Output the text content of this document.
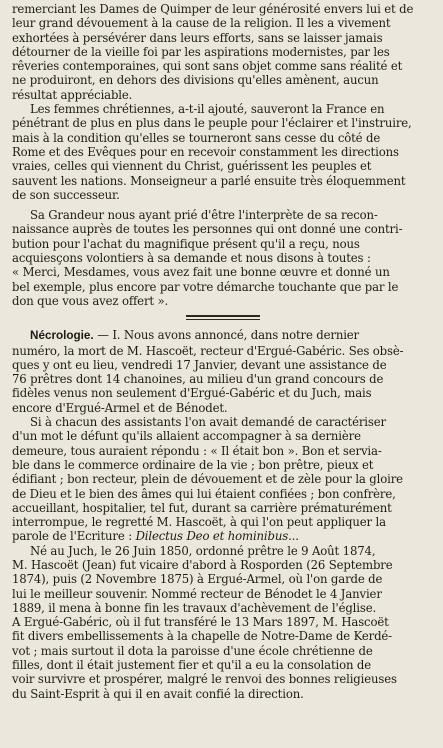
remerciant les Dames de Quimper de leur générosité envers lui et de
leur grand dévouement à la cause de la religion. Il les a vivement
exhortées à persévérer dans leurs efforts, sans se laisser jamais
détourner de la vieille foi par les aspirations modernistes, par les
rêveries contemporaines, qui sont sans objet comme sans réalité et
ne produiront, en dehors des divisions qu'elles amènent, aucun
résultat appréciable.

Les femmes chrétiennes, a-t-il ajouté, sauveront la France en
pénétrant de plus en plus dans le peuple pour l'éclairer et l'instruire,
mais à la condition qu'elles se tourneront sans cesse du côté de
Rome et des Evêques pour en recevoir constamment les directions
vraies, celles qui viennent du Christ, guérissent les peuples et
sauvent les nations. Monseigneur a parlé ensuite très éloquemment
de son successeur.

Sa Grandeur nous ayant prié d'être l'interprète de sa recon-
naissance auprès de toutes les personnes qui ont donné une contri-
bution pour l'achat du magnifique présent qu'il a reçu, nous
acquiesçons volontiers à sa demande et nous disons à toutes :
« Merci, Mesdames, vous avez fait une bonne œuvre et donné un
bel exemple, plus encore par votre démarche touchante que par le
don que vous avez offert ».

Nécrologie. — I. Nous avons annoncé, dans notre dernier
numéro, la mort de M. Hascoët, recteur d'Ergué-Gabéric. Ses obsè-
ques y ont eu lieu, vendredi 17 Janvier, devant une assistance de
76 prêtres dont 14 chanoines, au milieu d'un grand concours de
fidèles venus non seulement d'Ergué-Gabéric et du Juch, mais
encore d'Ergué-Armel et de Bénodet.

Si à chacun des assistants l'on avait demandé de caractériser
d'un mot le défunt qu'ils allaient accompagner à sa dernière
demeure, tous auraient répondu : « Il était bon ». Bon et servia-
ble dans le commerce ordinaire de la vie ; bon prêtre, pieux et
édifiant ; bon recteur, plein de dévouement et de zèle pour la gloire
de Dieu et le bien des âmes qui lui étaient confiées ; bon confrère,
accueillant, hospitalier, tel fut, durant sa carrière prématurément
interrompue, le regretté M. Hascoët, à qui l'on peut appliquer la
parole de l'Ecriture : Dilectus Deo et hominibus...

Né au Juch, le 26 Juin 1850, ordonné prêtre le 9 Août 1874,
M. Hascoët (Jean) fut vicaire d'abord à Rosporden (26 Septembre
1874), puis (2 Novembre 1875) à Ergué-Armel, où l'on garde de
lui le meilleur souvenir. Nommé recteur de Bénodet le 4 Janvier
1889, il mena à bonne fin les travaux d'achèvement de l'église.
A Ergué-Gabéric, où il fut transféré le 13 Mars 1897, M. Hascoët
fit divers embellissements à la chapelle de Notre-Dame de Kerdé-
vot ; mais surtout il dota la paroisse d'une école chrétienne de
filles, dont il était justement fier et qu'il a eu la consolation de
voir survivre et prospérer, malgré le renvoi des bonnes religieuses
du Saint-Esprit à qui il en avait confié la direction.
